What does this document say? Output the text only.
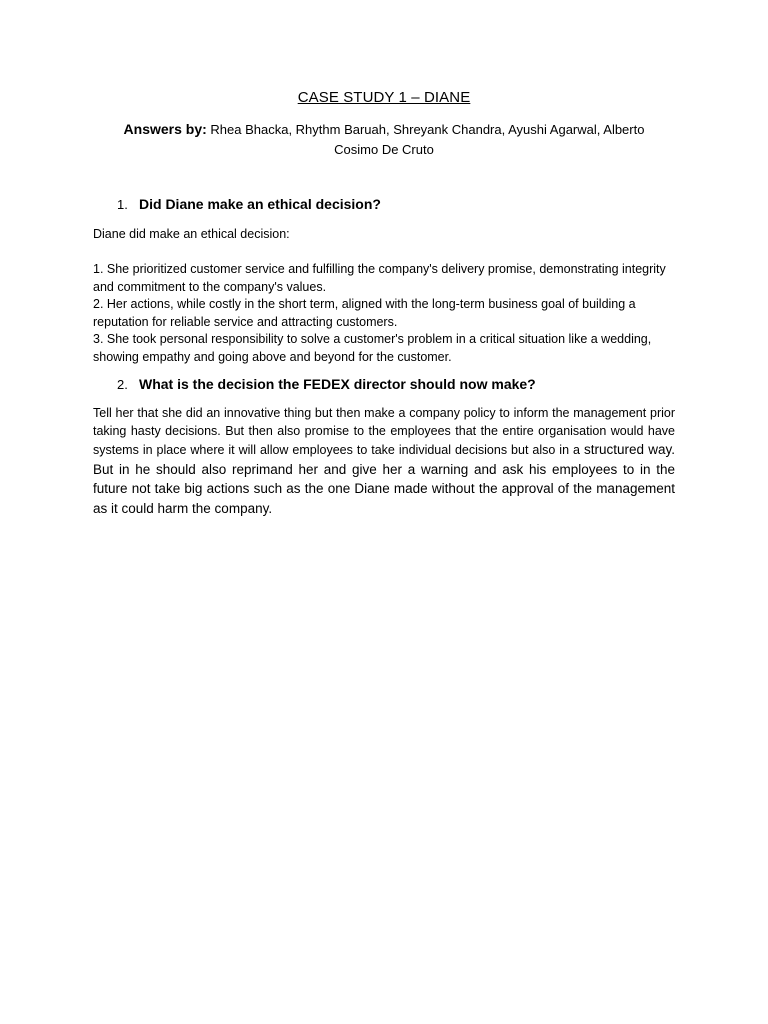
CASE STUDY 1 – DIANE
Answers by: Rhea Bhacka, Rhythm Baruah, Shreyank Chandra, Ayushi Agarwal, Alberto Cosimo De Cruto
1. Did Diane make an ethical decision?

Diane did make an ethical decision:

1. She prioritized customer service and fulfilling the company's delivery promise, demonstrating integrity and commitment to the company's values.
2. Her actions, while costly in the short term, aligned with the long-term business goal of building a reputation for reliable service and attracting customers.
3. She took personal responsibility to solve a customer's problem in a critical situation like a wedding, showing empathy and going above and beyond for the customer.
2. What is the decision the FEDEX director should now make?

Tell her that she did an innovative thing but then make a company policy to inform the management prior taking hasty decisions. But then also promise to the employees that the entire organisation would have systems in place where it will allow employees to take individual decisions but also in a structured way. But in he should also reprimand her and give her a warning and ask his employees to in the future not take big actions such as the one Diane made without the approval of the management as it could harm the company.
